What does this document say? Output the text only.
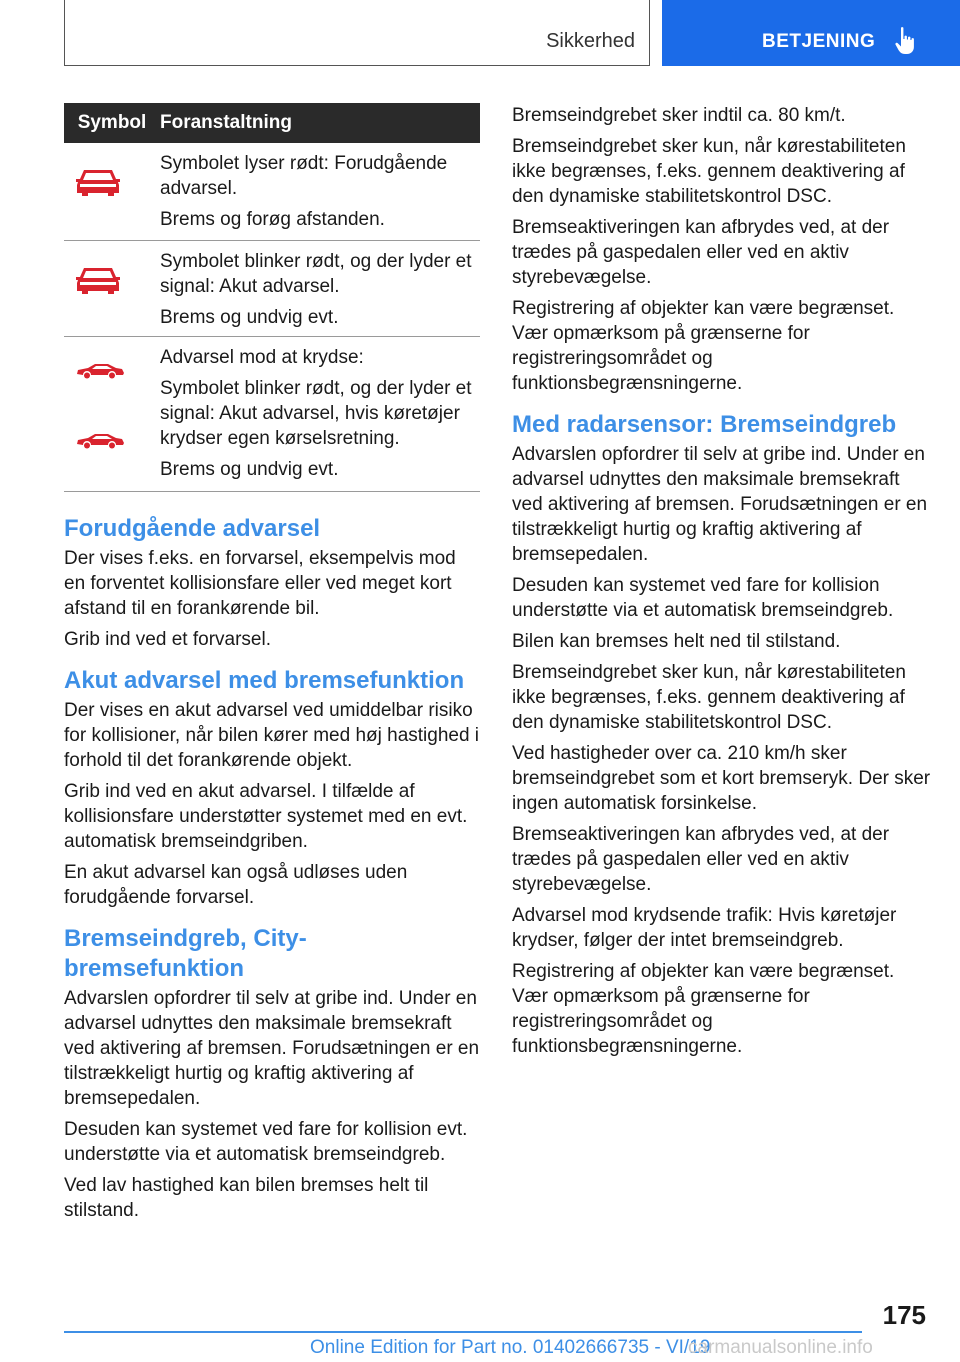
Sikkerhed	BETJENING
Symbol Foranstaltning

Symbolet lyser rødt: Forudgående advarsel.

Brems og forøg afstanden.

Symbolet blinker rødt, og der lyder et signal: Akut advarsel.

Brems og undvig evt.

Advarsel mod at krydse:

Symbolet blinker rødt, og der lyder et signal: Akut advarsel, hvis køretøjer krydser egen kørselsretning.

Brems og undvig evt.

Forudgående advarsel

Der vises f.eks. en forvarsel, eksempelvis mod en forventet kollisionsfare eller ved meget kort afstand til en forankørende bil.

Grib ind ved et forvarsel.

Akut advarsel med bremsefunktion

Der vises en akut advarsel ved umiddelbar risiko for kollisioner, når bilen kører med høj hastighed i forhold til det forankørende objekt.

Grib ind ved en akut advarsel. I tilfælde af kollisionsfare understøtter systemet med en evt. automatisk bremseindgriben.

En akut advarsel kan også udløses uden forudgående forvarsel.

Bremseindgreb, City-bremsefunktion

Advarslen opfordrer til selv at gribe ind. Under en advarsel udnyttes den maksimale bremsekraft ved aktivering af bremsen. Forudsætningen er en tilstrækkeligt hurtig og kraftig aktivering af bremsepedalen.

Desuden kan systemet ved fare for kollision evt. understøtte via et automatisk bremseindgreb.

Ved lav hastighed kan bilen bremses helt til stilstand.

Bremseindgrebet sker indtil ca. 80 km/t.

Bremseindgrebet sker kun, når kørestabiliteten ikke begrænses, f.eks. gennem deaktivering af den dynamiske stabilitetskontrol DSC.

Bremseaktiveringen kan afbrydes ved, at der trædes på gaspedalen eller ved en aktiv styrebevægelse.

Registrering af objekter kan være begrænset. Vær opmærksom på grænserne for registreringsområdet og funktionsbegrænsningerne.

Med radarsensor: Bremseindgreb

Advarslen opfordrer til selv at gribe ind. Under en advarsel udnyttes den maksimale bremsekraft ved aktivering af bremsen. Forudsætningen er en tilstrækkeligt hurtig og kraftig aktivering af bremsepedalen.

Desuden kan systemet ved fare for kollision understøtte via et automatisk bremseindgreb.

Bilen kan bremses helt ned til stilstand.

Bremseindgrebet sker kun, når kørestabiliteten ikke begrænses, f.eks. gennem deaktivering af den dynamiske stabilitetskontrol DSC.

Ved hastigheder over ca. 210 km/h sker bremseindgrebet som et kort bremseryk. Der sker ingen automatisk forsinkelse.

Bremseaktiveringen kan afbrydes ved, at der trædes på gaspedalen eller ved en aktiv styrebevægelse.

Advarsel mod krydsende trafik: Hvis køretøjer krydser, følger der intet bremseindgreb.

Registrering af objekter kan være begrænset. Vær opmærksom på grænserne for registreringsområdet og funktionsbegrænsningerne.

175
Online Edition for Part no. 01402666735 - VI/19
carmanualsonline.info
